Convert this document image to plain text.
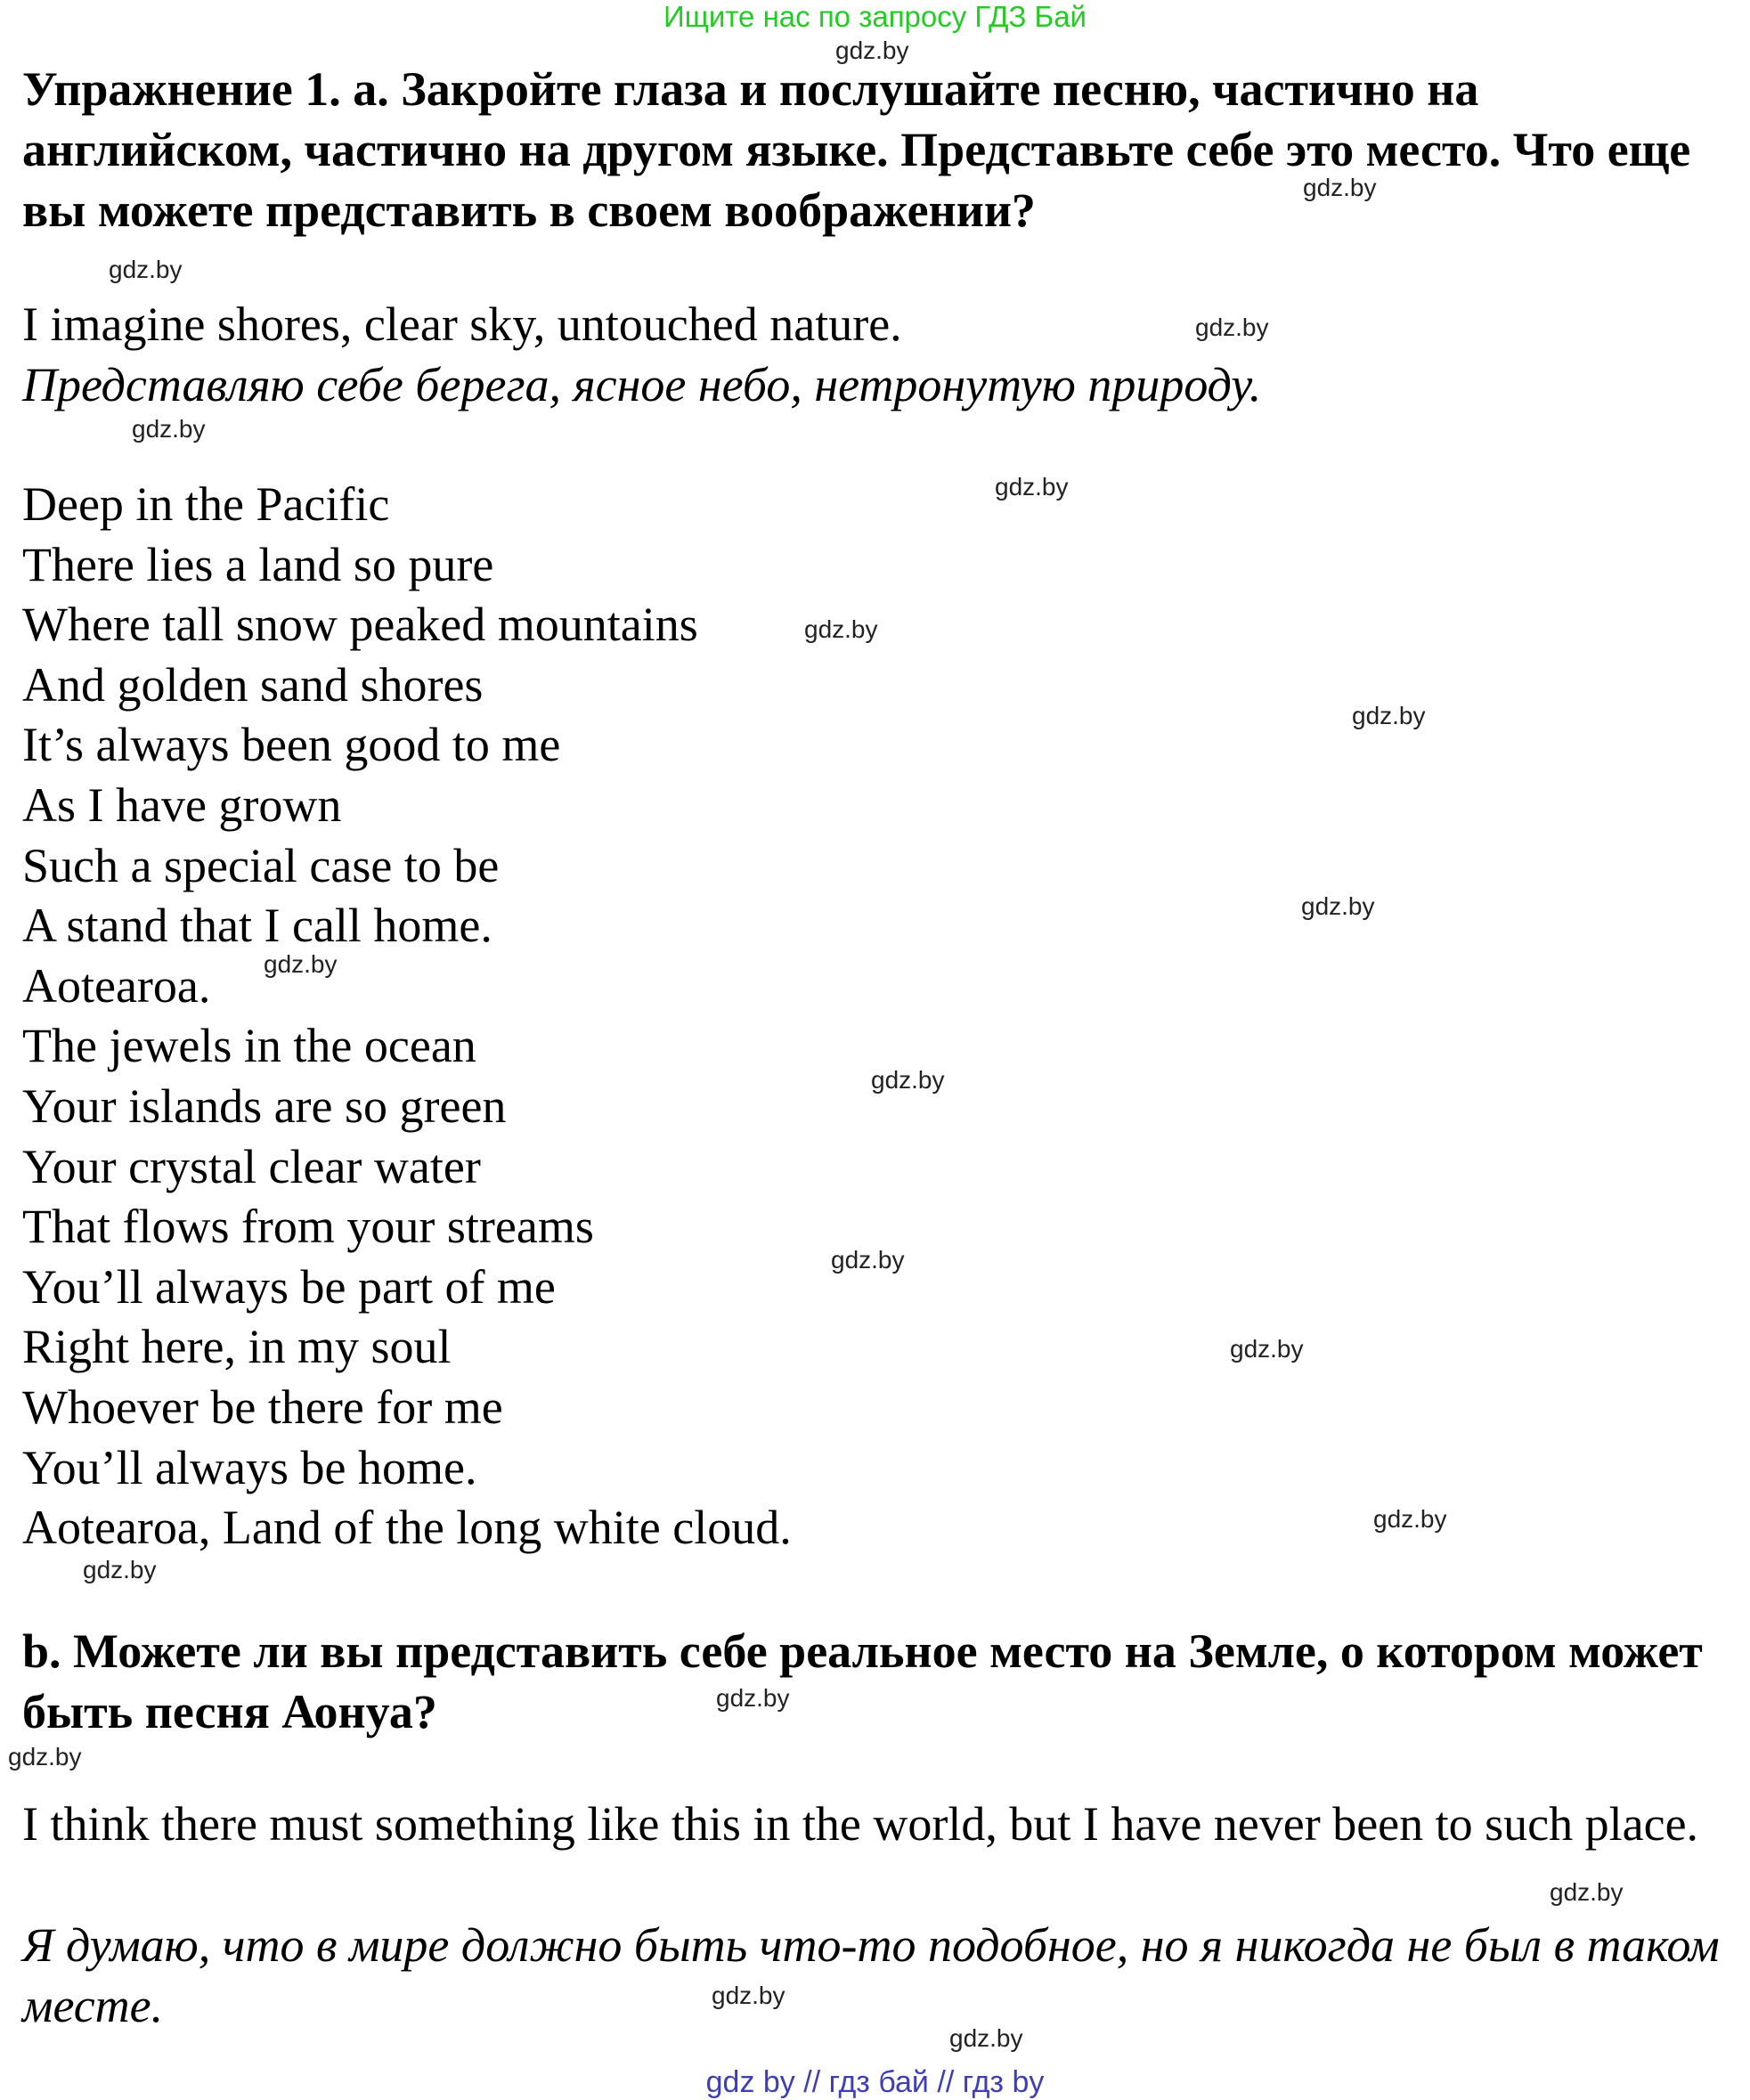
Ищите нас по запросу ГДЗ Бай
Упражнение 1. a. Закройте глаза и послушайте песню, частично на английском, частично на другом языке. Представьте себе это место. Что еще вы можете представить в своем воображении?
I imagine shores, clear sky, untouched nature.
Представляю себе берега, ясное небо, нетронутую природу.
Deep in the Pacific
There lies a land so pure
Where tall snow peaked mountains
And golden sand shores
It’s always been good to me
As I have grown
Such a special case to be
A stand that I call home.
Aotearoa.
The jewels in the ocean
Your islands are so green
Your crystal clear water
That flows from your streams
You’ll always be part of me
Right here, in my soul
Whoever be there for me
You’ll always be home.
Aotearoa, Land of the long white cloud.
b. Можете ли вы представить себе реальное место на Земле, о котором может быть песня Аонуа?
I think there must something like this in the world, but I have never been to such place.
Я думаю, что в мире должно быть что-то подобное, но я никогда не был в таком месте.
gdz.by
gdz.by
gdz.by
gdz.by
gdz.by
gdz.by
gdz.by
gdz.by
gdz.by
gdz.by
gdz.by
gdz.by
gdz.by
gdz.by
gdz.by
gdz.by
gdz.by
gdz.by
gdz.by
gdz.by
gdz by // гдз бай // гдз by
